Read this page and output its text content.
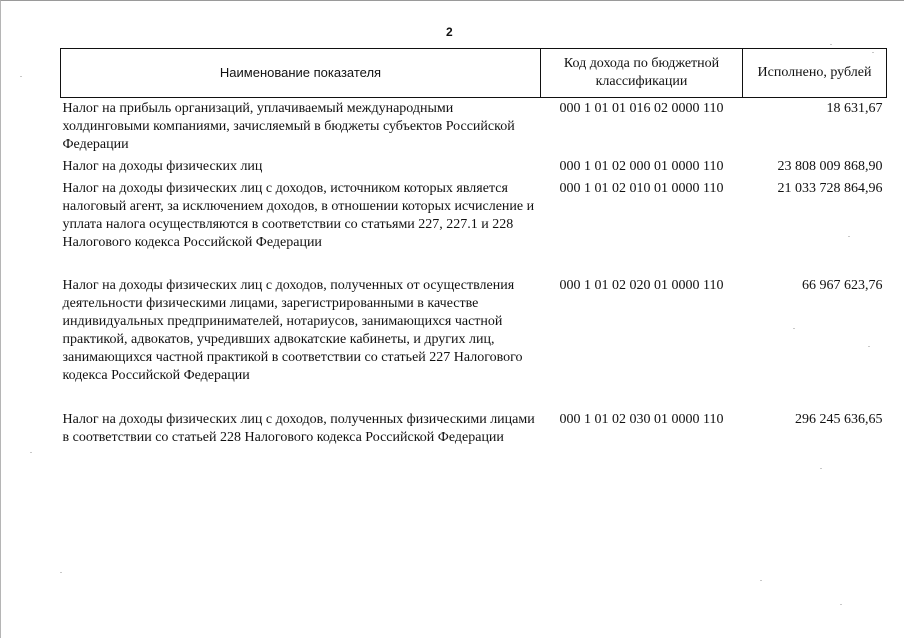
2
Наименование показателя	Код дохода по бюджетной классификации	Исполнено, рублей
Налог на прибыль организаций, уплачиваемый международными холдинговыми компаниями, зачисляемый в бюджеты субъектов Российской Федерации	000 1 01 01 016 02 0000 110	18 631,67
Налог на доходы физических лиц	000 1 01 02 000 01 0000 110	23 808 009 868,90
Налог на доходы физических лиц с доходов, источником которых является налоговый агент, за исключением доходов, в отношении которых исчисление и уплата налога осуществляются в соответствии со статьями 227, 227.1 и 228 Налогового кодекса Российской Федерации	000 1 01 02 010 01 0000 110	21 033 728 864,96
Налог на доходы физических лиц с доходов, полученных от осуществления деятельности физическими лицами, зарегистрированными в качестве индивидуальных предпринимателей, нотариусов, занимающихся частной практикой, адвокатов, учредивших адвокатские кабинеты, и других лиц, занимающихся частной практикой в соответствии со статьей 227 Налогового кодекса Российской Федерации	000 1 01 02 020 01 0000 110	66 967 623,76
Налог на доходы физических лиц с доходов, полученных физическими лицами в соответствии со статьей 228 Налогового кодекса Российской Федерации	000 1 01 02 030 01 0000 110	296 245 636,65
